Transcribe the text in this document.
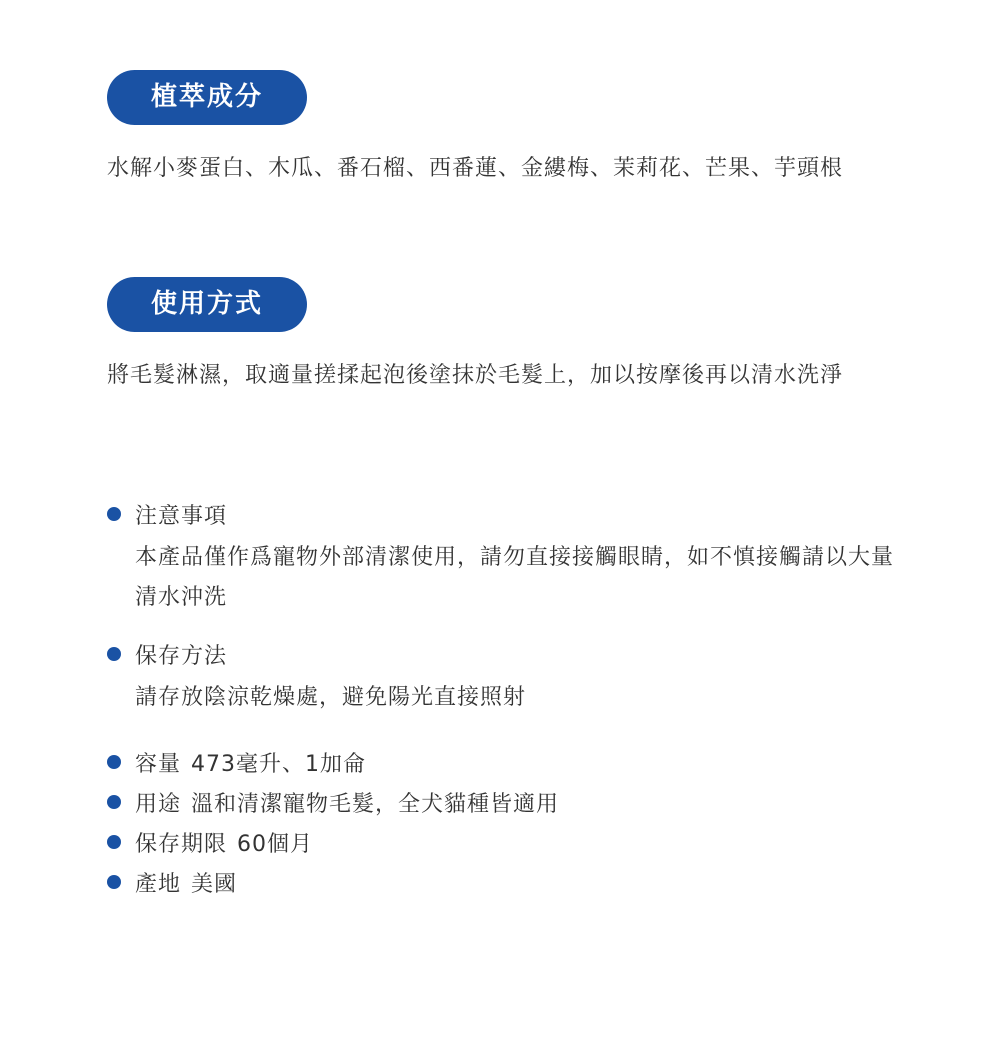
植萃成分
水解小麥蛋白、木瓜、番石榴、西番蓮、金縷梅、茉莉花、芒果、芋頭根
使用方式
將毛髮淋濕，取適量搓揉起泡後塗抹於毛髮上，加以按摩後再以清水洗淨
注意事項
本產品僅作爲寵物外部清潔使用，請勿直接接觸眼睛，如不慎接觸請以大量清水沖洗
保存方法
請存放陰涼乾燥處，避免陽光直接照射
容量 473毫升、1加侖
用途 溫和清潔寵物毛髮，全犬貓種皆適用
保存期限 60個月
產地 美國
